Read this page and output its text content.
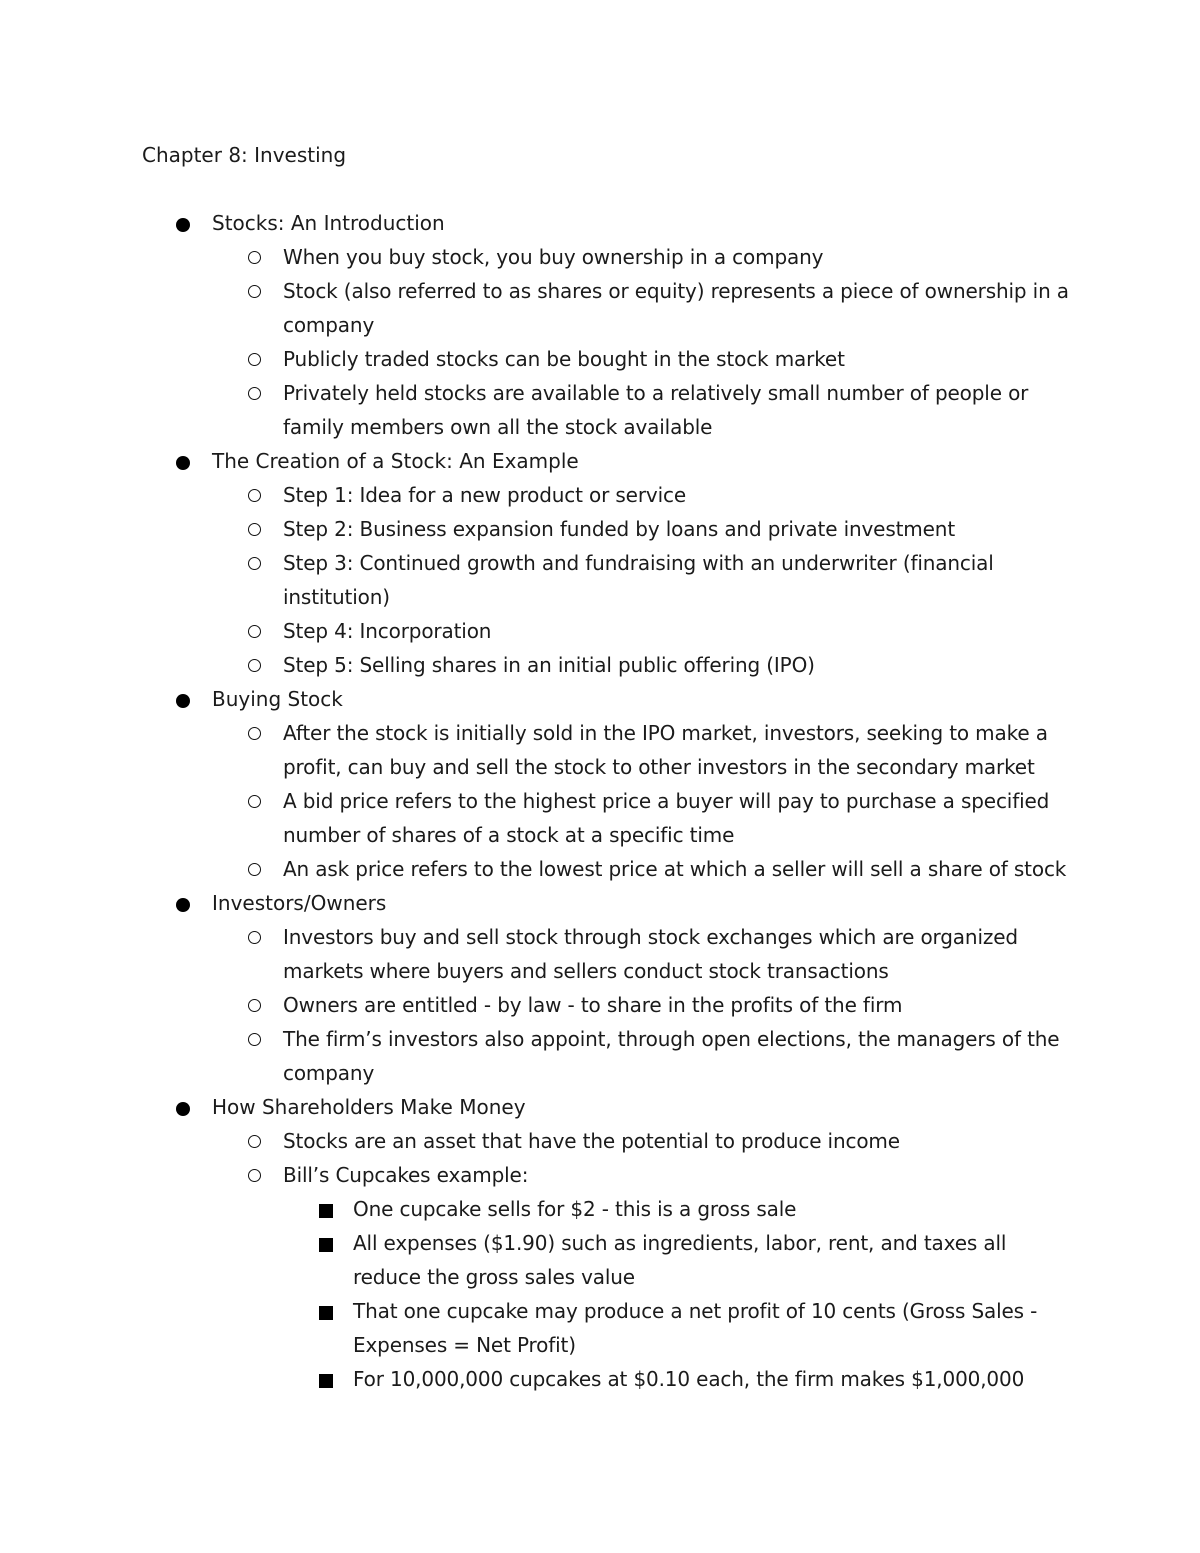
Chapter 8: Investing
Stocks: An Introduction
When you buy stock, you buy ownership in a company
Stock (also referred to as shares or equity) represents a piece of ownership in a
company
Publicly traded stocks can be bought in the stock market
Privately held stocks are available to a relatively small number of people or
family members own all the stock available
The Creation of a Stock: An Example
Step 1: Idea for a new product or service
Step 2: Business expansion funded by loans and private investment
Step 3: Continued growth and fundraising with an underwriter (financial
institution)
Step 4: Incorporation
Step 5: Selling shares in an initial public offering (IPO)
Buying Stock
After the stock is initially sold in the IPO market, investors, seeking to make a
profit, can buy and sell the stock to other investors in the secondary market
A bid price refers to the highest price a buyer will pay to purchase a specified
number of shares of a stock at a specific time
An ask price refers to the lowest price at which a seller will sell a share of stock
Investors/Owners
Investors buy and sell stock through stock exchanges which are organized
markets where buyers and sellers conduct stock transactions
Owners are entitled - by law - to share in the profits of the firm
The firm’s investors also appoint, through open elections, the managers of the
company
How Shareholders Make Money
Stocks are an asset that have the potential to produce income
Bill’s Cupcakes example:
One cupcake sells for $2 - this is a gross sale
All expenses ($1.90) such as ingredients, labor, rent, and taxes all
reduce the gross sales value
That one cupcake may produce a net profit of 10 cents (Gross Sales -
Expenses = Net Profit)
For 10,000,000 cupcakes at $0.10 each, the firm makes $1,000,000
